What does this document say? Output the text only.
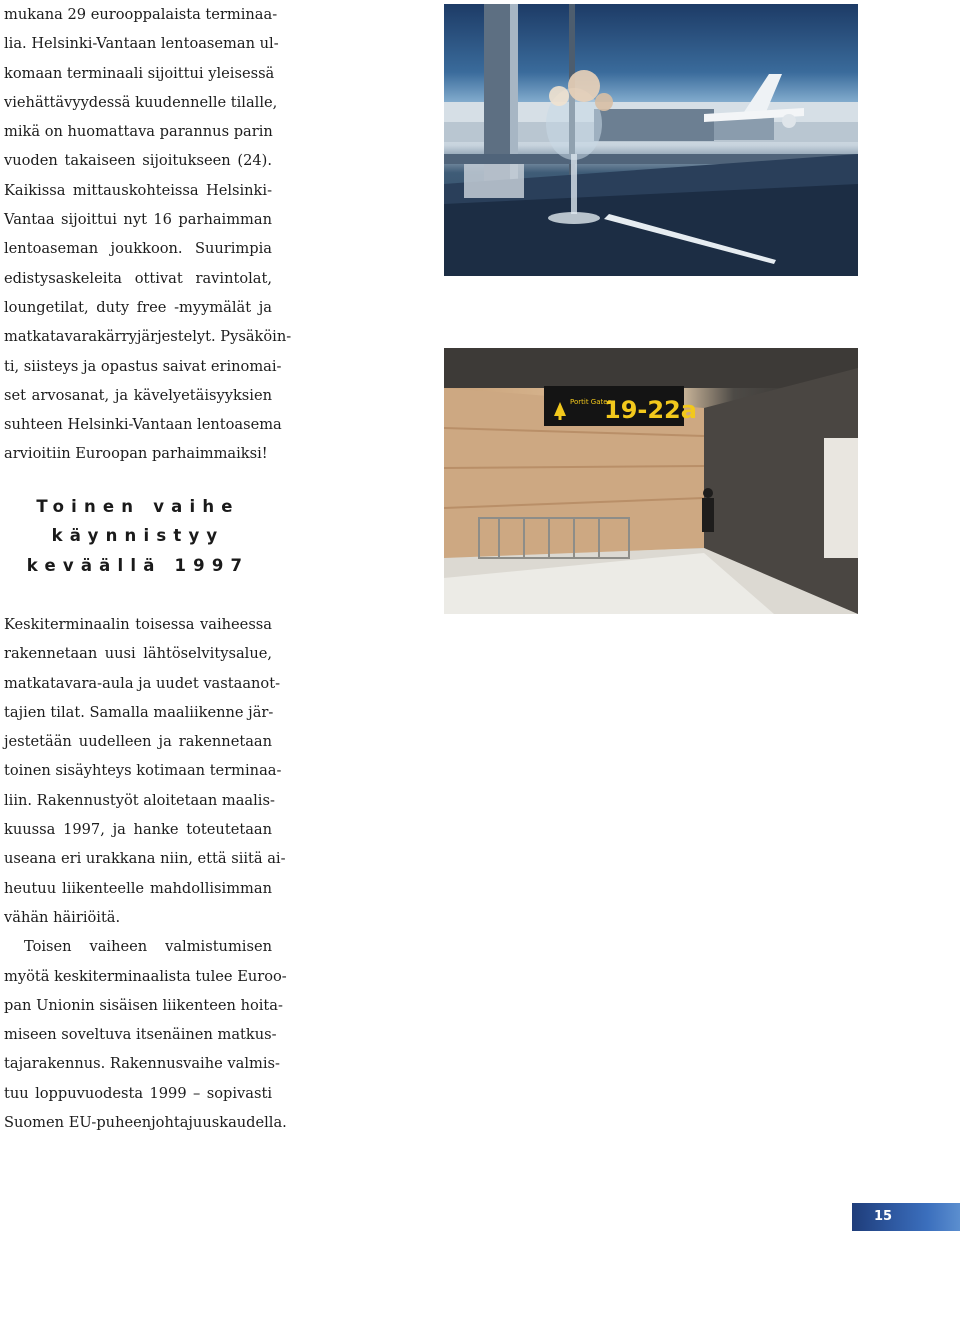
mukana 29 eurooppalaista terminaa-
lia. Helsinki-Vantaan lentoaseman ul-
komaan terminaali sijoittui yleisessä
viehättävyydessä kuudennelle tilalle,
mikä on huomattava parannus parin
vuoden takaiseen sijoitukseen (24).
Kaikissa mittauskohteissa Helsinki-
Vantaa sijoittui nyt 16 parhaimman
lentoaseman joukkoon. Suurimpia
edistysaskeleita ottivat ravintolat,
loungetilat, duty free -myymälät ja
matkatavarakärryjärjestelyt. Pysäköin-
ti, siisteys ja opastus saivat erinomai-
set arvosanat, ja kävelyetäisyyksien
suhteen Helsinki-Vantaan lentoasema
arvioitiin Euroopan parhaimmaiksi!
Toinen vaihe
käynnistyy
keväällä 1997
Keskiterminaalin toisessa vaiheessa
rakennetaan uusi lähtöselvitysalue,
matkatavara-aula ja uudet vastaanot-
tajien tilat. Samalla maaliikenne jär-
jestetään uudelleen ja rakennetaan
toinen sisäyhteys kotimaan terminaa-
liin. Rakennustyöt aloitetaan maalis-
kuussa 1997, ja hanke toteutetaan
useana eri urakkana niin, että siitä ai-
heutuu liikenteelle mahdollisimman
vähän häiriöitä.
Toisen vaiheen valmistumisen
myötä keskiterminaalista tulee Euroo-
pan Unionin sisäisen liikenteen hoita-
miseen soveltuva itsenäinen matkus-
tajarakennus. Rakennusvaihe valmis-
tuu loppuvuodesta 1999 – sopivasti
Suomen EU-puheenjohtajuuskaudella.
Portit Gates
19-22a
15
